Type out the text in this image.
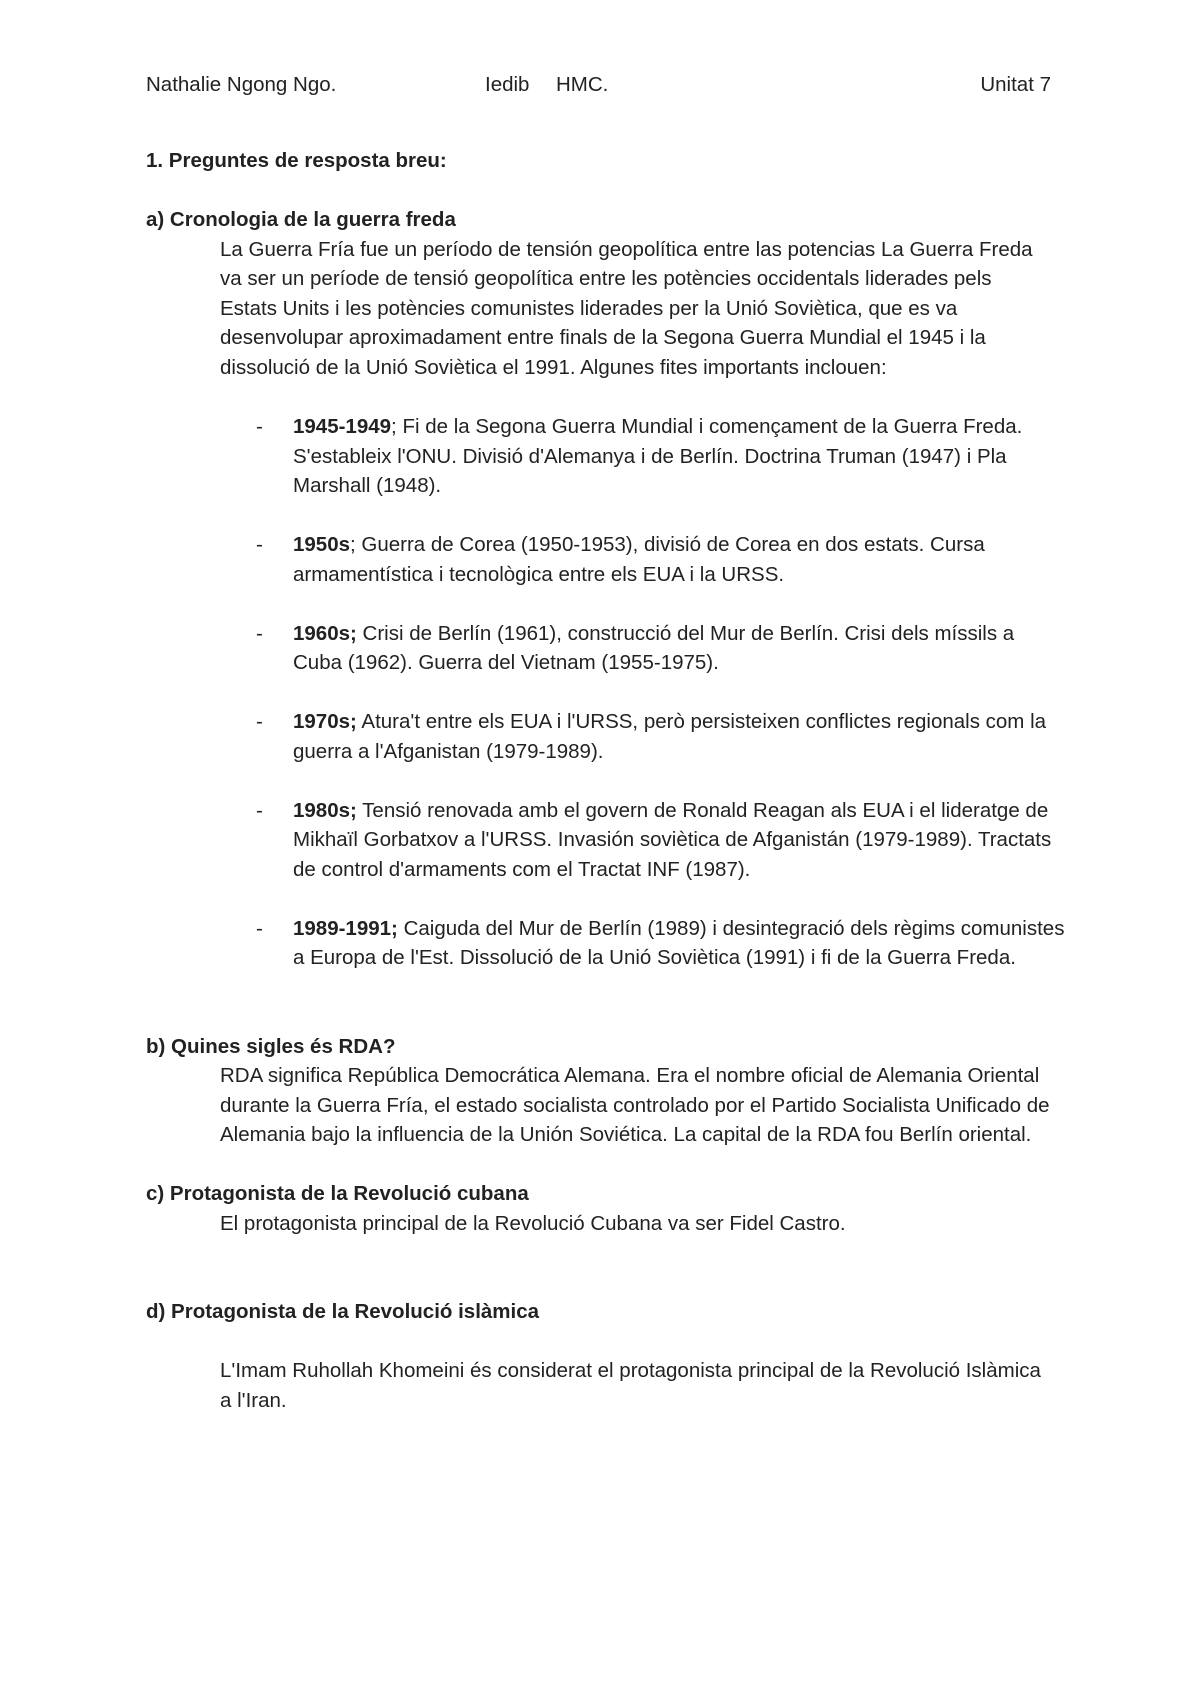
Nathalie Ngong Ngo.	Iedib HMC.	Unitat 7

1. Preguntes de resposta breu:

a) Cronologia de la guerra freda

La Guerra Fría fue un período de tensión geopolítica entre las potencias La Guerra Freda va ser un període de tensió geopolítica entre les potències occidentals liderades pels Estats Units i les potències comunistes liderades per la Unió Soviètica, que es va desenvolupar aproximadament entre finals de la Segona Guerra Mundial el 1945 i la dissolució de la Unió Soviètica el 1991. Algunes fites importants inclouen:

- 1945-1949; Fi de la Segona Guerra Mundial i començament de la Guerra Freda. S'estableix l'ONU. Divisió d'Alemanya i de Berlín. Doctrina Truman (1947) i Pla Marshall (1948).
- 1950s; Guerra de Corea (1950-1953), divisió de Corea en dos estats. Cursa armamentística i tecnològica entre els EUA i la URSS.
- 1960s; Crisi de Berlín (1961), construcció del Mur de Berlín. Crisi dels míssils a Cuba (1962). Guerra del Vietnam (1955-1975).
- 1970s; Atura't entre els EUA i l'URSS, però persisteixen conflictes regionals com la guerra a l'Afganistan (1979-1989).
- 1980s; Tensió renovada amb el govern de Ronald Reagan als EUA i el lideratge de Mikhaïl Gorbatxov a l'URSS. Invasión soviètica de Afganistán (1979-1989). Tractats de control d'armaments com el Tractat INF (1987).
- 1989-1991; Caiguda del Mur de Berlín (1989) i desintegració dels règims comunistes a Europa de l'Est. Dissolució de la Unió Soviètica (1991) i fi de la Guerra Freda.

b) Quines sigles és RDA?

RDA significa República Democrática Alemana. Era el nombre oficial de Alemania Oriental durante la Guerra Fría, el estado socialista controlado por el Partido Socialista Unificado de Alemania bajo la influencia de la Unión Soviética. La capital de la RDA fou Berlín oriental.

c) Protagonista de la Revolució cubana

El protagonista principal de la Revolució Cubana va ser Fidel Castro.

d) Protagonista de la Revolució islàmica

L'Imam Ruhollah Khomeini és considerat el protagonista principal de la Revolució Islàmica a l'Iran.
